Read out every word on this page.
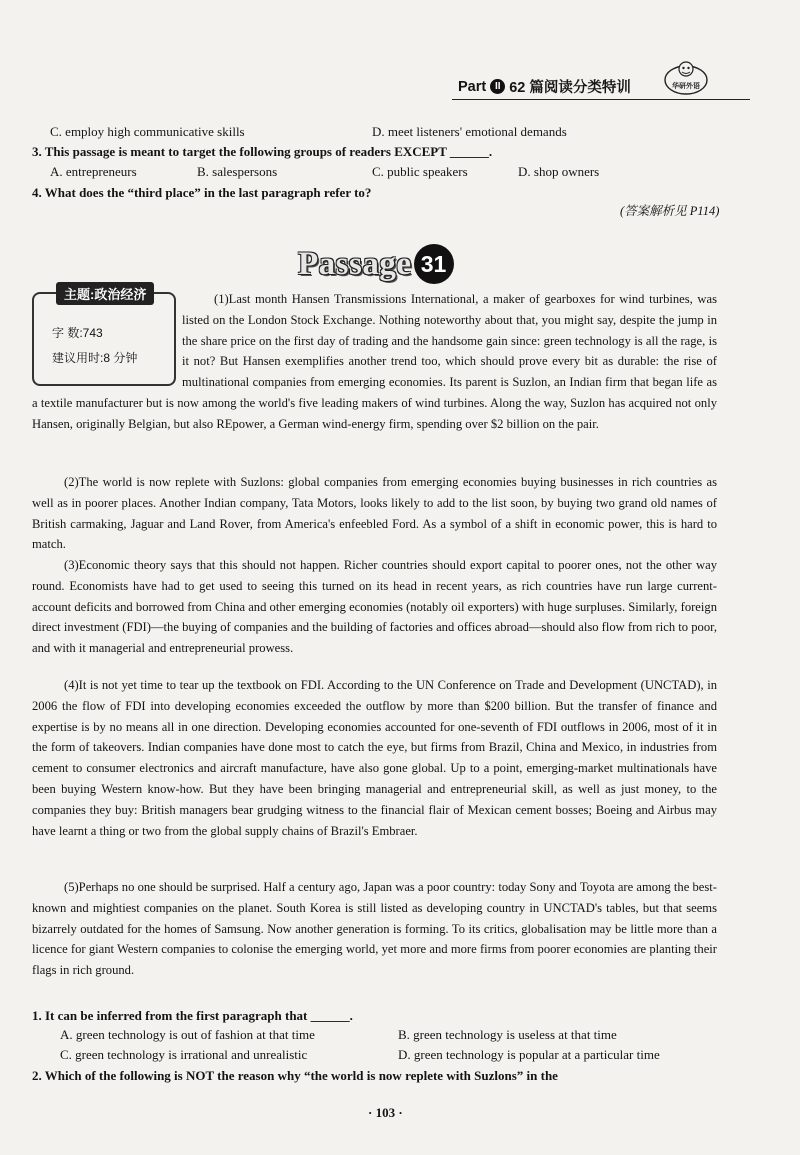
Part II 62 篇阅读分类特训	华研外语
C. employ high communicative skills	D. meet listeners' emotional demands
3. This passage is meant to target the following groups of readers EXCEPT ______.
A. entrepreneurs	B. salespersons	C. public speakers	D. shop owners
4. What does the “third place” in the last paragraph refer to?
(答案解析见 P114)
Passage 31

(1)Last month Hansen Transmissions International, a maker of gearboxes for wind turbines, was listed on the London Stock Exchange. Nothing noteworthy about that, you might say, despite the jump in the share price on the first day of trading and the handsome gain since: green technology is all the rage, is it not? But Hansen exemplifies another trend too, which should prove every bit as durable: the rise of multinational companies from emerging economies. Its parent is Suzlon, an Indian firm that began life as a textile manufacturer but is now among the world's five leading makers of wind turbines. Along the way, Suzlon has acquired not only Hansen, originally Belgian, but also REpower, a German wind-energy firm, spending over $2 billion on the pair.

主题:政治经济
字 数:743
建议用时:8 分钟

(2)The world is now replete with Suzlons: global companies from emerging economies buying businesses in rich countries as well as in poorer places. Another Indian company, Tata Motors, looks likely to add to the list soon, by buying two grand old names of British carmaking, Jaguar and Land Rover, from America's enfeebled Ford. As a symbol of a shift in economic power, this is hard to match.

(3)Economic theory says that this should not happen. Richer countries should export capital to poorer ones, not the other way round. Economists have had to get used to seeing this turned on its head in recent years, as rich countries have run large current-account deficits and borrowed from China and other emerging economies (notably oil exporters) with huge surpluses. Similarly, foreign direct investment (FDI)—the buying of companies and the building of factories and offices abroad—should also flow from rich to poor, and with it managerial and entrepreneurial prowess.

(4)It is not yet time to tear up the textbook on FDI. According to the UN Conference on Trade and Development (UNCTAD), in 2006 the flow of FDI into developing economies exceeded the outflow by more than $200 billion. But the transfer of finance and expertise is by no means all in one direction. Developing economies accounted for one-seventh of FDI outflows in 2006, most of it in the form of takeovers. Indian companies have done most to catch the eye, but firms from Brazil, China and Mexico, in industries from cement to consumer electronics and aircraft manufacture, have also gone global. Up to a point, emerging-market multinationals have been buying Western know-how. But they have been bringing managerial and entrepreneurial skill, as well as just money, to the companies they buy: British managers bear grudging witness to the financial flair of Mexican cement bosses; Boeing and Airbus may have learnt a thing or two from the global supply chains of Brazil's Embraer.

(5)Perhaps no one should be surprised. Half a century ago, Japan was a poor country: today Sony and Toyota are among the best-known and mightiest companies on the planet. South Korea is still listed as developing country in UNCTAD's tables, but that seems bizarrely outdated for the homes of Samsung. Now another generation is forming. To its critics, globalisation may be little more than a licence for giant Western companies to colonise the emerging world, yet more and more firms from poorer economies are planting their flags in rich ground.

1. It can be inferred from the first paragraph that ______.
A. green technology is out of fashion at that time	B. green technology is useless at that time
C. green technology is irrational and unrealistic	D. green technology is popular at a particular time
2. Which of the following is NOT the reason why “the world is now replete with Suzlons” in the
· 103 ·
